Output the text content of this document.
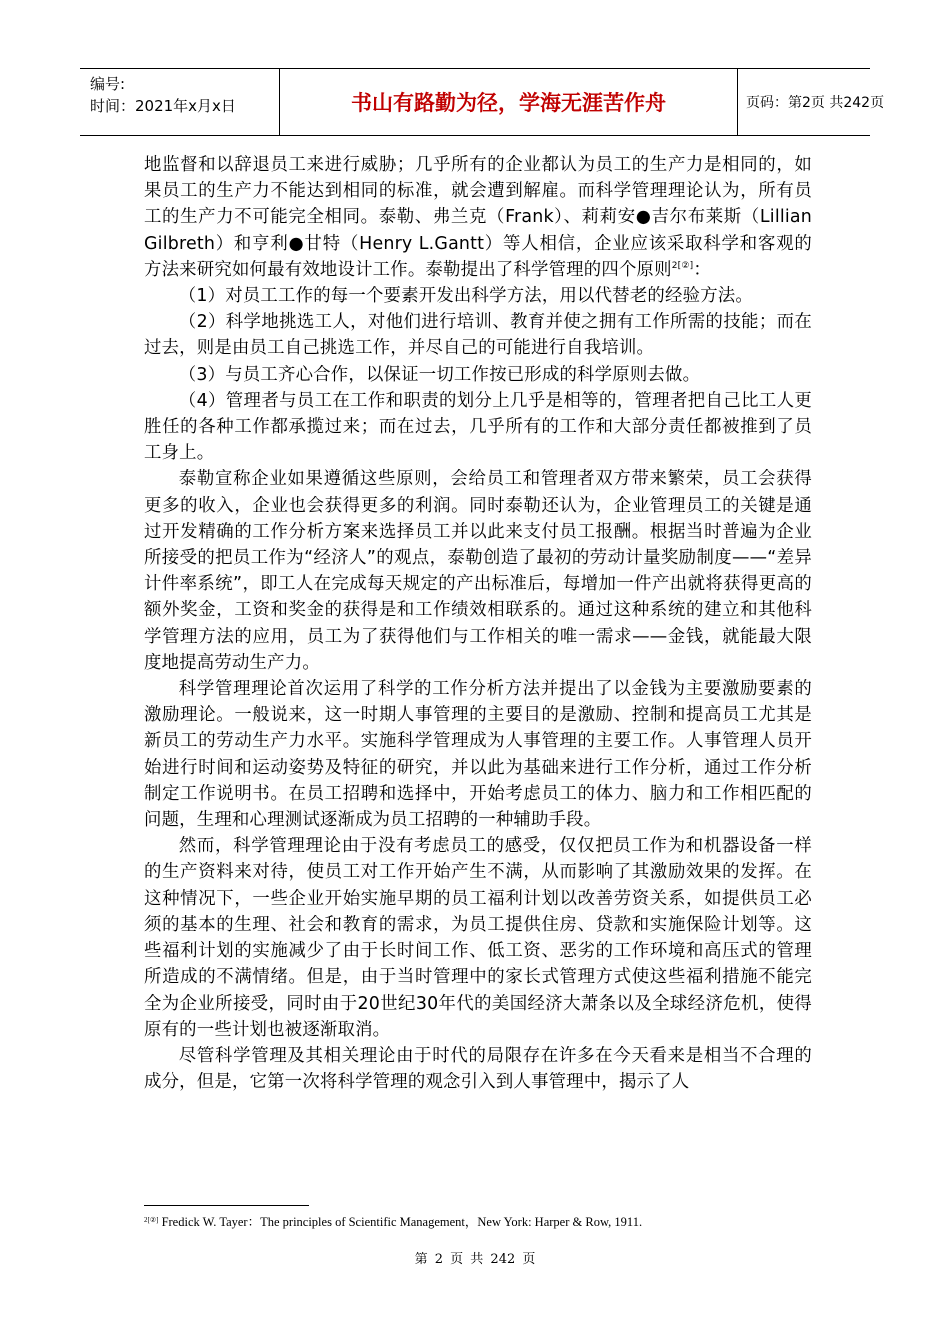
编号:
时间：2021年x月x日	书山有路勤为径，学海无涯苦作舟	页码：第2页 共242页

地监督和以辞退员工来进行威胁；几乎所有的企业都认为员工的生产力是相同的，如果员工的生产力不能达到相同的标准，就会遭到解雇。而科学管理理论认为，所有员工的生产力不可能完全相同。泰勒、弗兰克（Frank）、莉莉安●吉尔布莱斯（Lillian Gilbreth）和亨利●甘特（Henry L.Gantt）等人相信，企业应该采取科学和客观的方法来研究如何最有效地设计工作。泰勒提出了科学管理的四个原则$^{2[②]}$：

（1）对员工工作的每一个要素开发出科学方法，用以代替老的经验方法。

（2）科学地挑选工人，对他们进行培训、教育并使之拥有工作所需的技能；而在过去，则是由员工自己挑选工作，并尽自己的可能进行自我培训。

（3）与员工齐心合作，以保证一切工作按已形成的科学原则去做。

（4）管理者与员工在工作和职责的划分上几乎是相等的，管理者把自己比工人更胜任的各种工作都承揽过来；而在过去，几乎所有的工作和大部分责任都被推到了员工身上。

泰勒宣称企业如果遵循这些原则，会给员工和管理者双方带来繁荣，员工会获得更多的收入，企业也会获得更多的利润。同时泰勒还认为，企业管理员工的关键是通过开发精确的工作分析方案来选择员工并以此来支付员工报酬。根据当时普遍为企业所接受的把员工作为“经济人”的观点，泰勒创造了最初的劳动计量奖励制度——“差异计件率系统”，即工人在完成每天规定的产出标准后，每增加一件产出就将获得更高的额外奖金，工资和奖金的获得是和工作绩效相联系的。通过这种系统的建立和其他科学管理方法的应用，员工为了获得他们与工作相关的唯一需求——金钱，就能最大限度地提高劳动生产力。

科学管理理论首次运用了科学的工作分析方法并提出了以金钱为主要激励要素的激励理论。一般说来，这一时期人事管理的主要目的是激励、控制和提高员工尤其是新员工的劳动生产力水平。实施科学管理成为人事管理的主要工作。人事管理人员开始进行时间和运动姿势及特征的研究，并以此为基础来进行工作分析，通过工作分析制定工作说明书。在员工招聘和选择中，开始考虑员工的体力、脑力和工作相匹配的问题，生理和心理测试逐渐成为员工招聘的一种辅助手段。

然而，科学管理理论由于没有考虑员工的感受，仅仅把员工作为和机器设备一样的生产资料来对待，使员工对工作开始产生不满，从而影响了其激励效果的发挥。在这种情况下，一些企业开始实施早期的员工福利计划以改善劳资关系，如提供员工必须的基本的生理、社会和教育的需求，为员工提供住房、贷款和实施保险计划等。这些福利计划的实施减少了由于长时间工作、低工资、恶劣的工作环境和高压式的管理所造成的不满情绪。但是，由于当时管理中的家长式管理方式使这些福利措施不能完全为企业所接受，同时由于20世纪30年代的美国经济大萧条以及全球经济危机，使得原有的一些计划也被逐渐取消。

尽管科学管理及其相关理论由于时代的局限存在许多在今天看来是相当不合理的成分，但是，它第一次将科学管理的观念引入到人事管理中，揭示了人

$^{2[②]}$ Fredick W. Tayer：The principles of Scientific Management，New York: Harper & Row, 1911.
第 2 页 共 242 页
